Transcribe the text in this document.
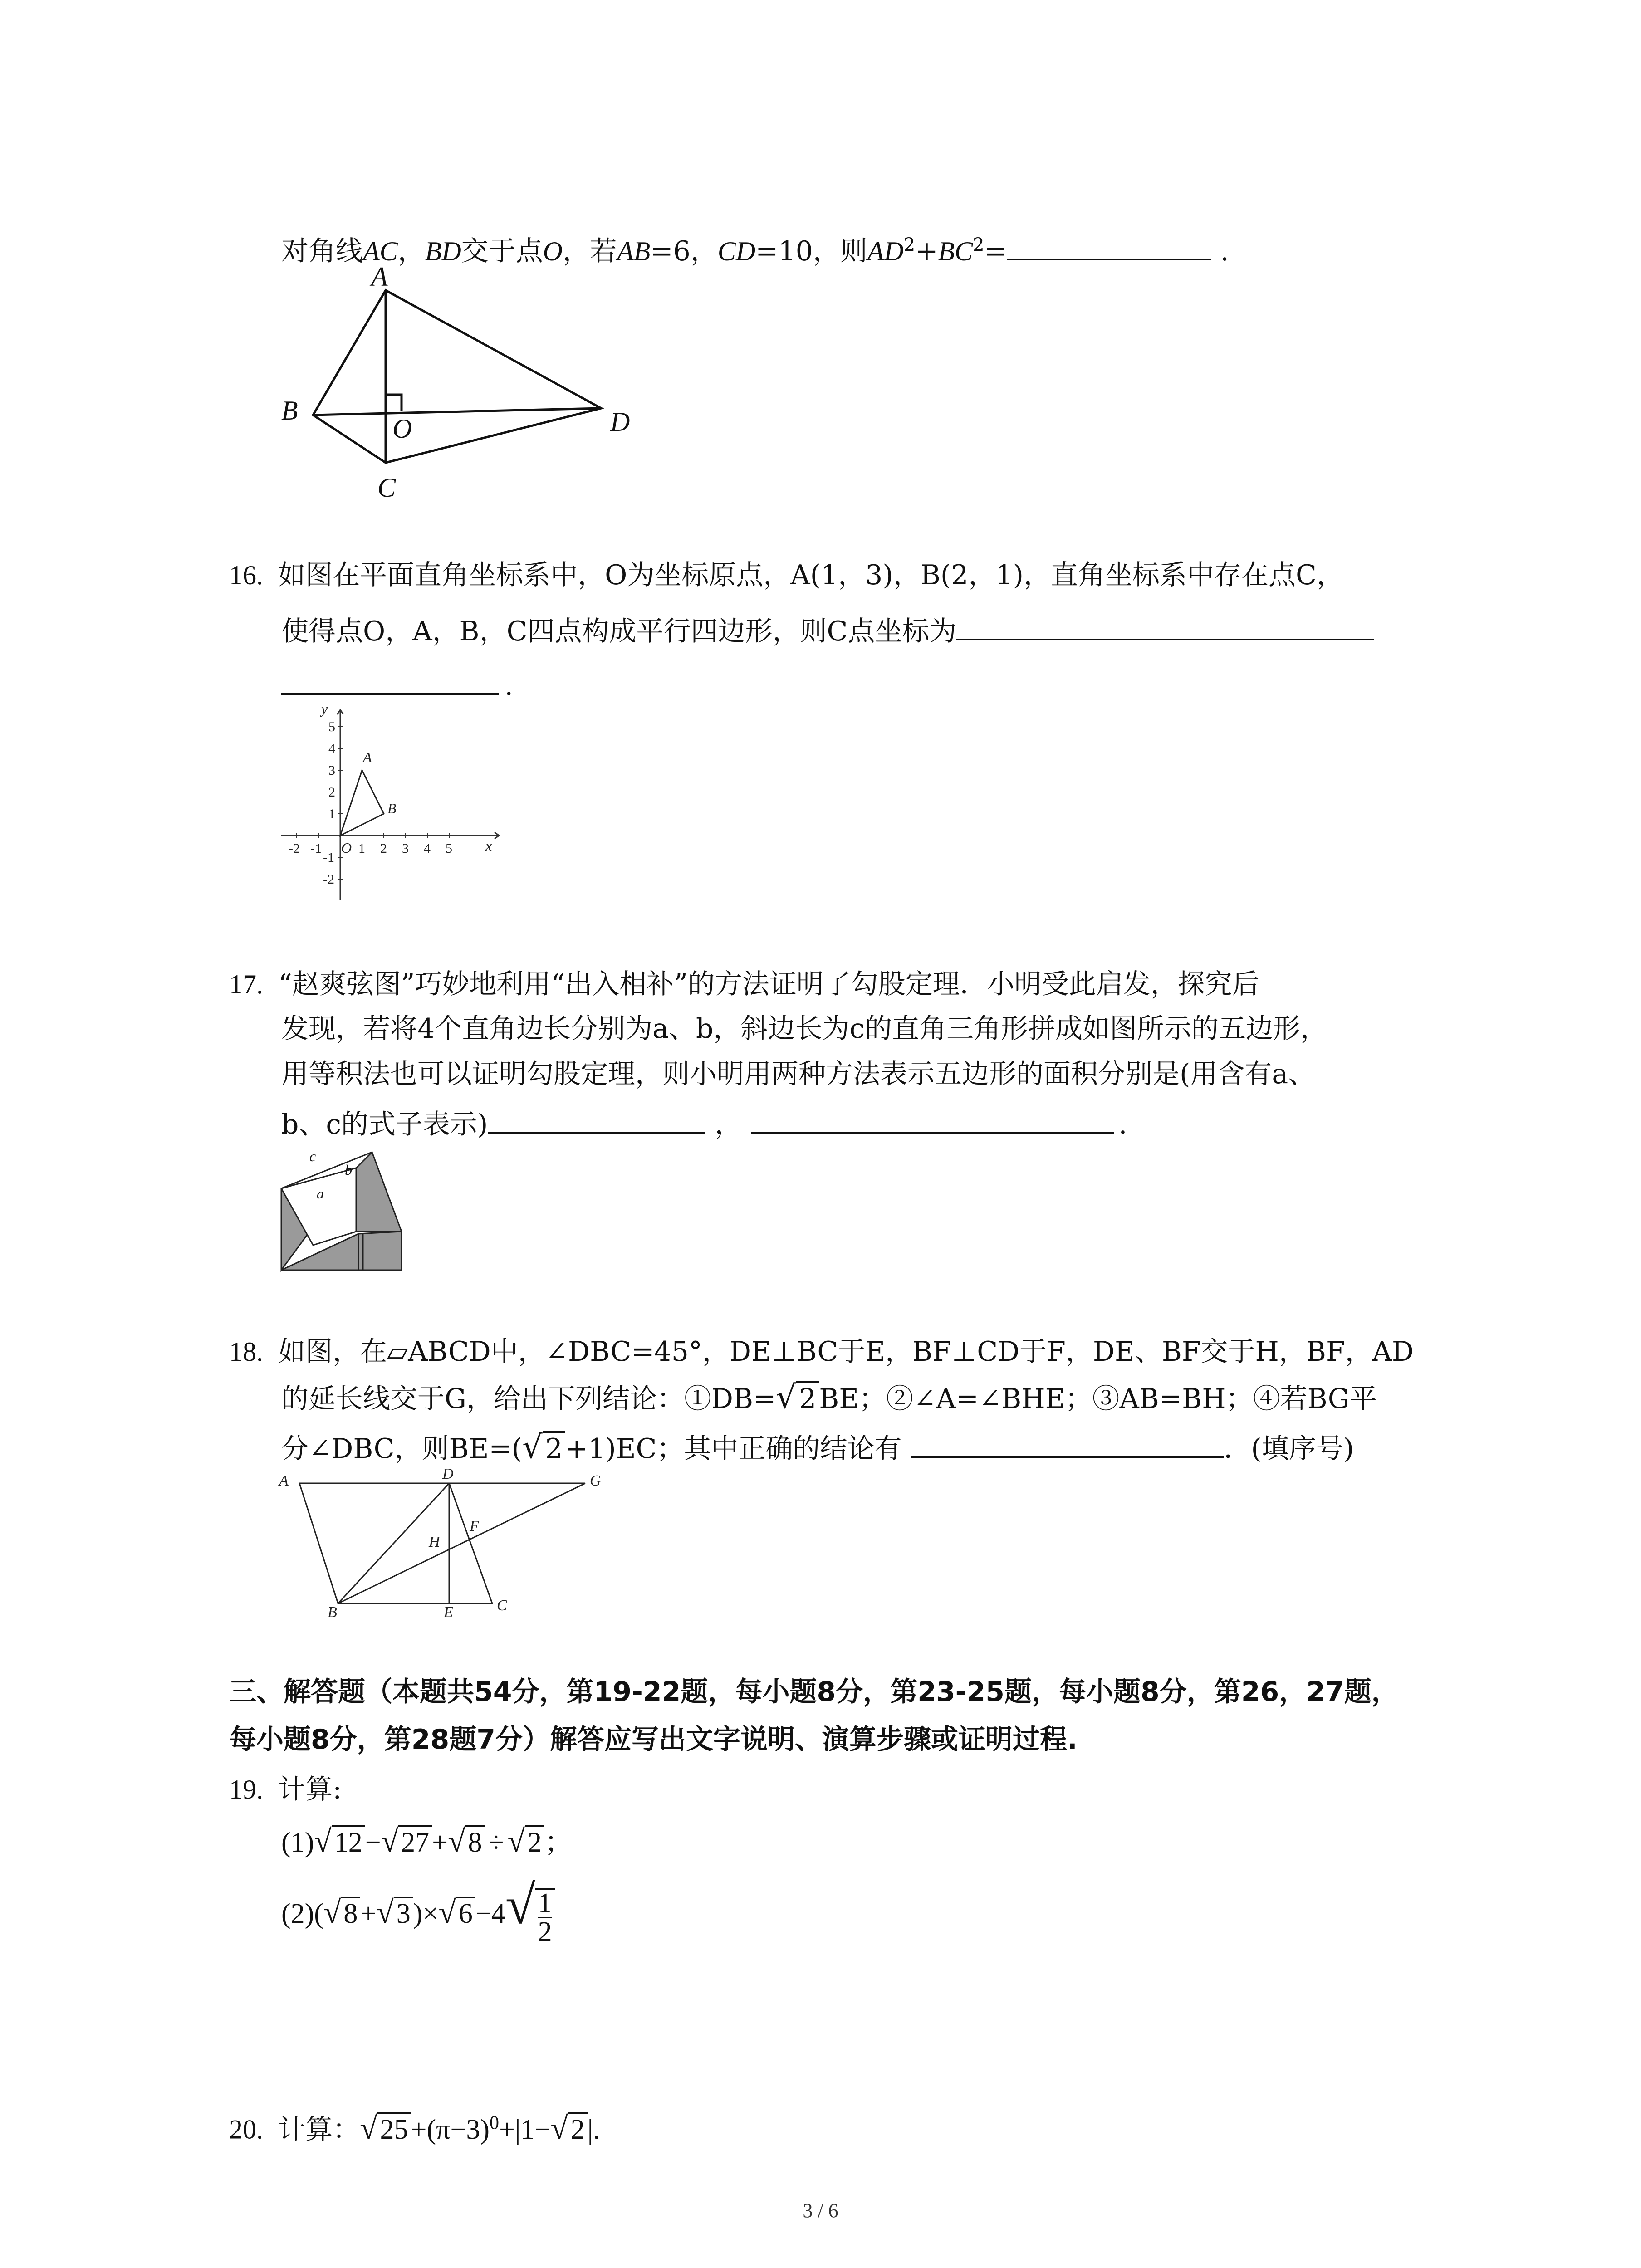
对角线AC，BD交于点O，若AB=6，CD=10，则$AD^2+BC^2=$	.
A
B
C
D
O
16. 如图在平面直角坐标系中，O为坐标原点，A(1，3)，B(2，1)，直角坐标系中存在点C，
使得点O，A，B，C四点构成平行四边形，则C点坐标为
.
5
4
3
2
1
-1
-2
-2 -1	1 2 3 4 5
y
x
O
A
B
17. “赵爽弦图”巧妙地利用“出入相补”的方法证明了勾股定理．小明受此启发，探究后
发现，若将4个直角边长分别为a、b，斜边长为c的直角三角形拼成如图所示的五边形，
用等积法也可以证明勾股定理，则小明用两种方法表示五边形的面积分别是(用含有a、
b、c的式子表示)	，	.
c
b
a
18. 如图，在▱ABCD中，∠DBC=45°，DE⊥BC于E，BF⊥CD于F，DE、BF交于H，BF，AD
的延长线交于G，给出下列结论：①DB=√ 2 BE；②∠A=∠BHE；③AB=BH；④若BG平
分∠DBC，则BE=(√ 2 +1)EC；其中正确的结论有	．(填序号)
A	D	G
H
F
B	E	C
三、解答题（本题共54分，第19-22题，每小题8分，第23-25题，每小题8分，第26，27题，
每小题8分，第28题7分）解答应写出文字说明、演算步骤或证明过程.
19. 计算:
(1)√12−√27+√8 ÷ √2；
$(2)(√8+√3)\times√6-4√ \frac{1}{2}$
20. 计算：$√25+(\pi-3)^0+|1-√2|$.
3 / 6
